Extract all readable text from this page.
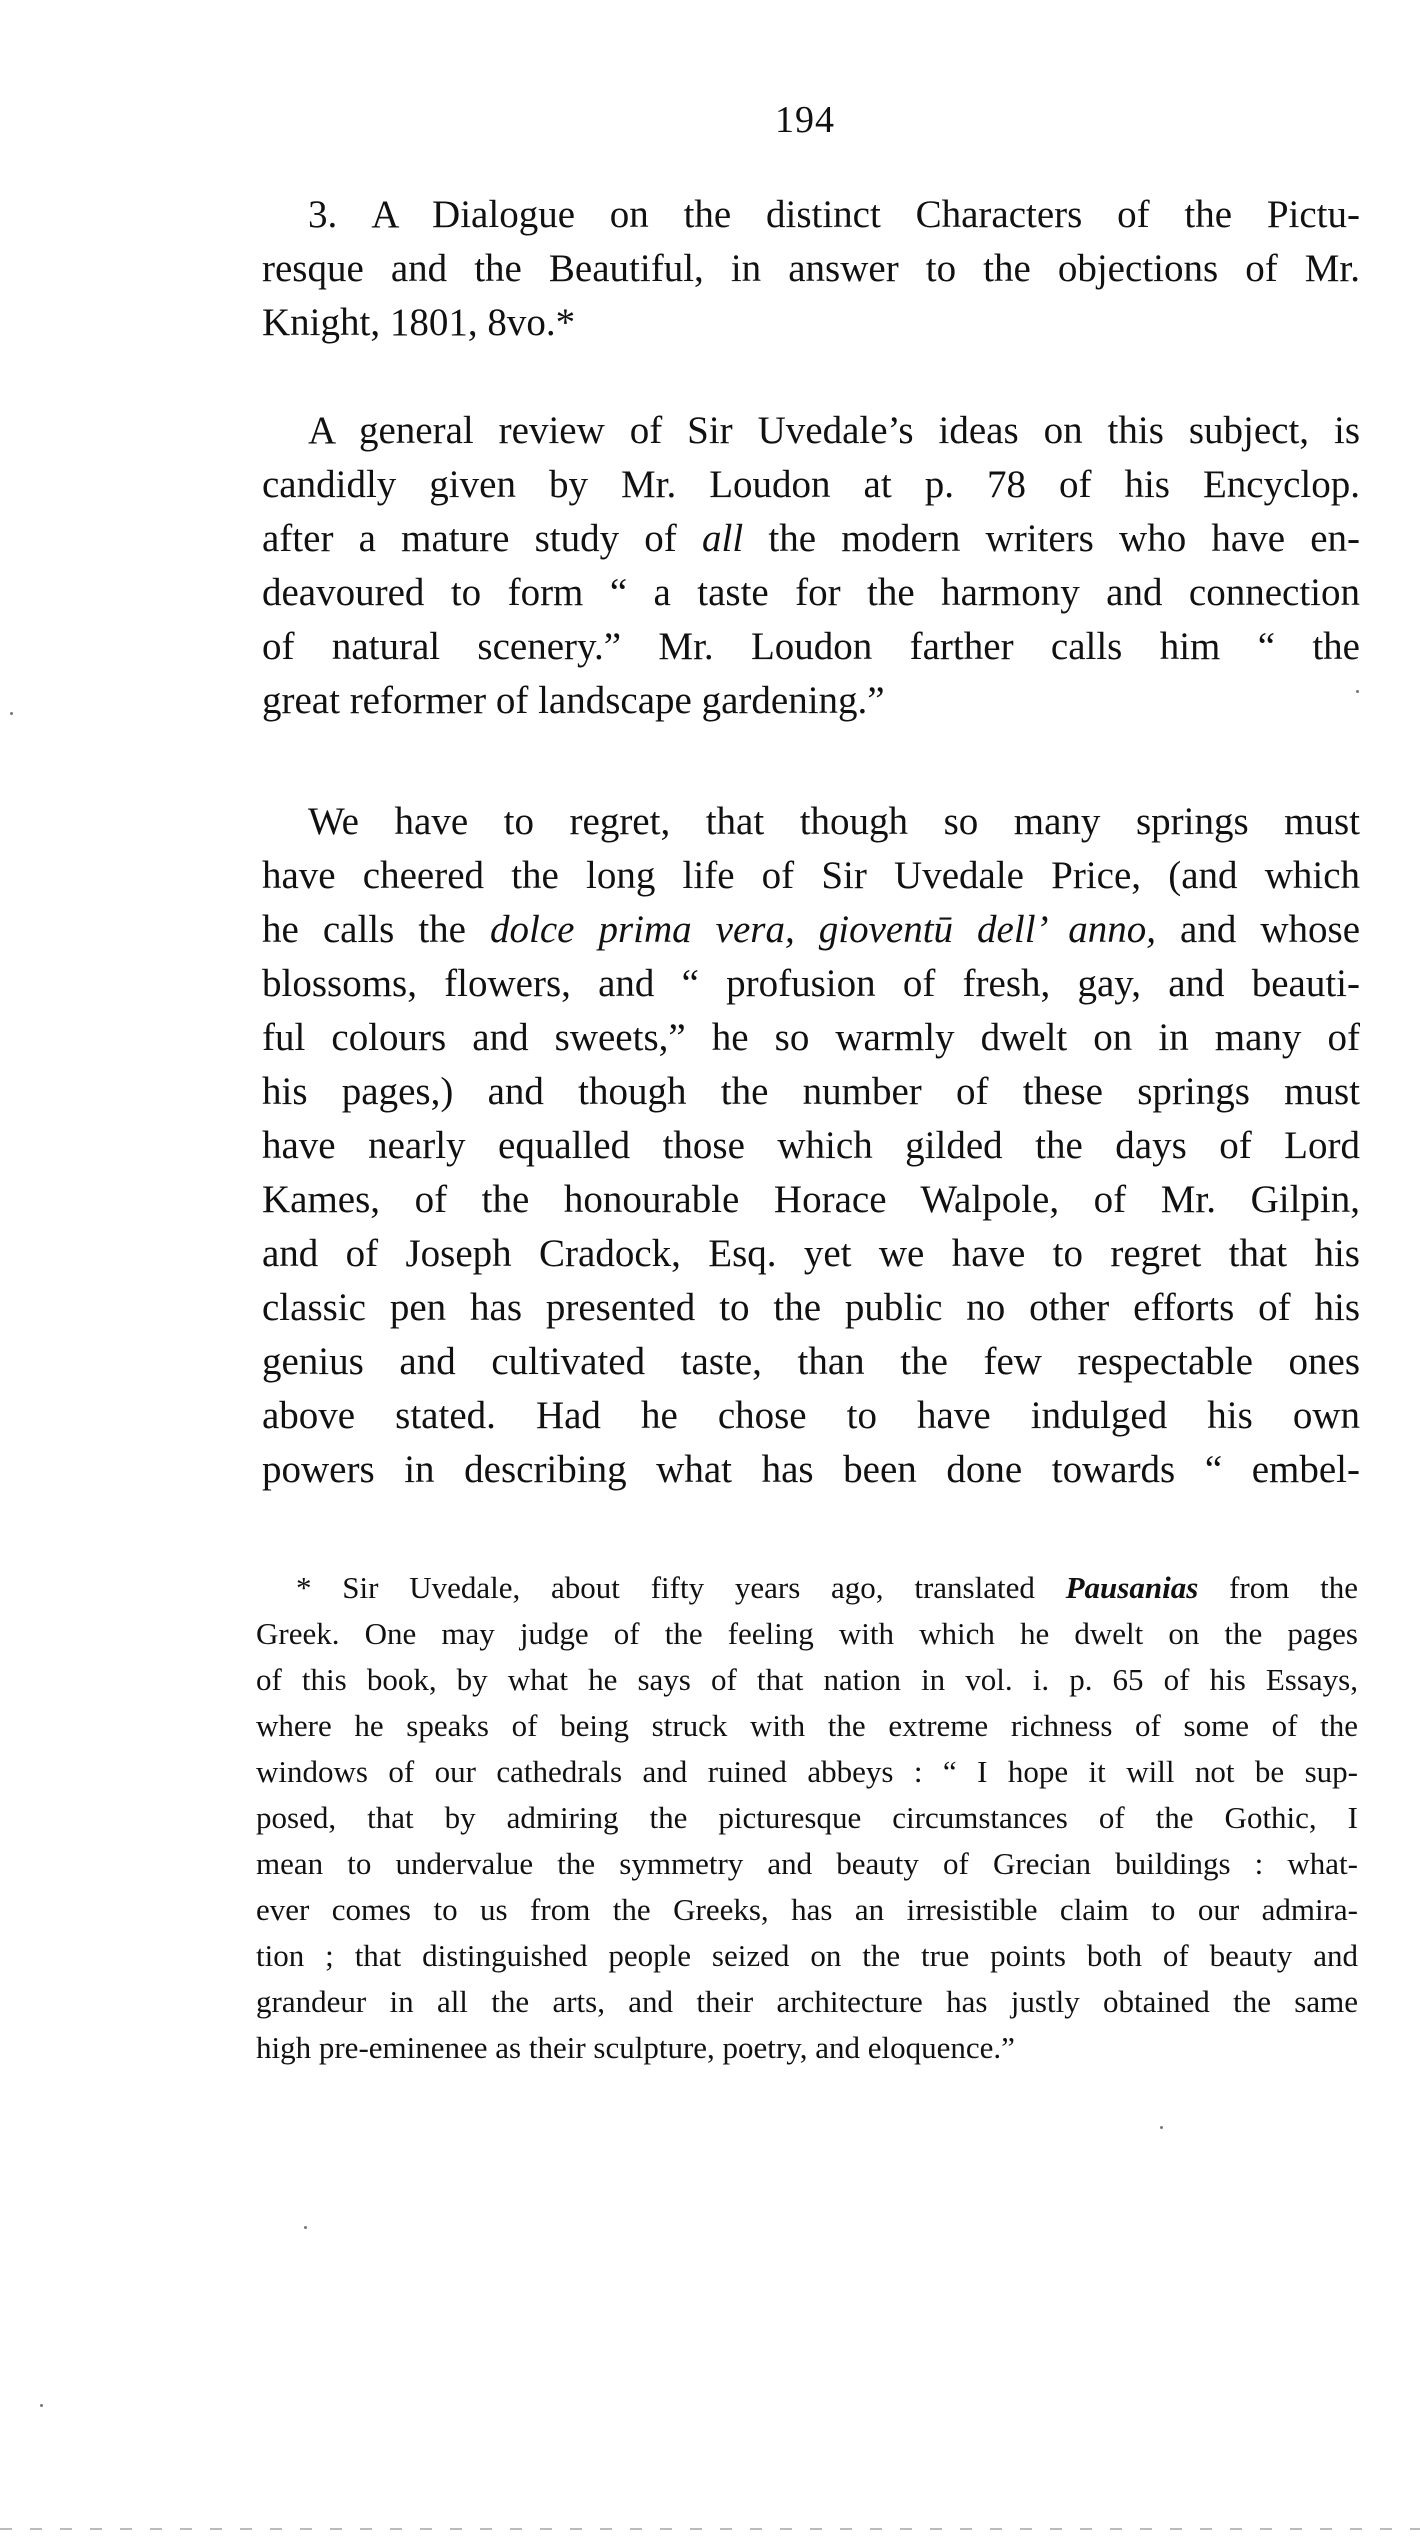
194
3. A Dialogue on the distinct Characters of the Pictu-
resque and the Beautiful, in answer to the objections of Mr.
Knight, 1801, 8vo.*
A general review of Sir Uvedale’s ideas on this subject, is
candidly given by Mr. Loudon at p. 78 of his Encyclop.
after a mature study of all the modern writers who have en-
deavoured to form “ a taste for the harmony and connection
of natural scenery.” Mr. Loudon farther calls him “ the
great reformer of landscape gardening.”
We have to regret, that though so many springs must
have cheered the long life of Sir Uvedale Price, (and which
he calls the dolce prima vera, gioventū dell’ anno, and whose
blossoms, flowers, and “ profusion of fresh, gay, and beauti-
ful colours and sweets,” he so warmly dwelt on in many of
his pages,) and though the number of these springs must
have nearly equalled those which gilded the days of Lord
Kames, of the honourable Horace Walpole, of Mr. Gilpin,
and of Joseph Cradock, Esq. yet we have to regret that his
classic pen has presented to the public no other efforts of his
genius and cultivated taste, than the few respectable ones
above stated. Had he chose to have indulged his own
powers in describing what has been done towards “ embel-
* Sir Uvedale, about fifty years ago, translated Pausanias from the
Greek. One may judge of the feeling with which he dwelt on the pages
of this book, by what he says of that nation in vol. i. p. 65 of his Essays,
where he speaks of being struck with the extreme richness of some of the
windows of our cathedrals and ruined abbeys : “ I hope it will not be sup-
posed, that by admiring the picturesque circumstances of the Gothic, I
mean to undervalue the symmetry and beauty of Grecian buildings : what-
ever comes to us from the Greeks, has an irresistible claim to our admira-
tion ; that distinguished people seized on the true points both of beauty and
grandeur in all the arts, and their architecture has justly obtained the same
high pre-eminenee as their sculpture, poetry, and eloquence.”
